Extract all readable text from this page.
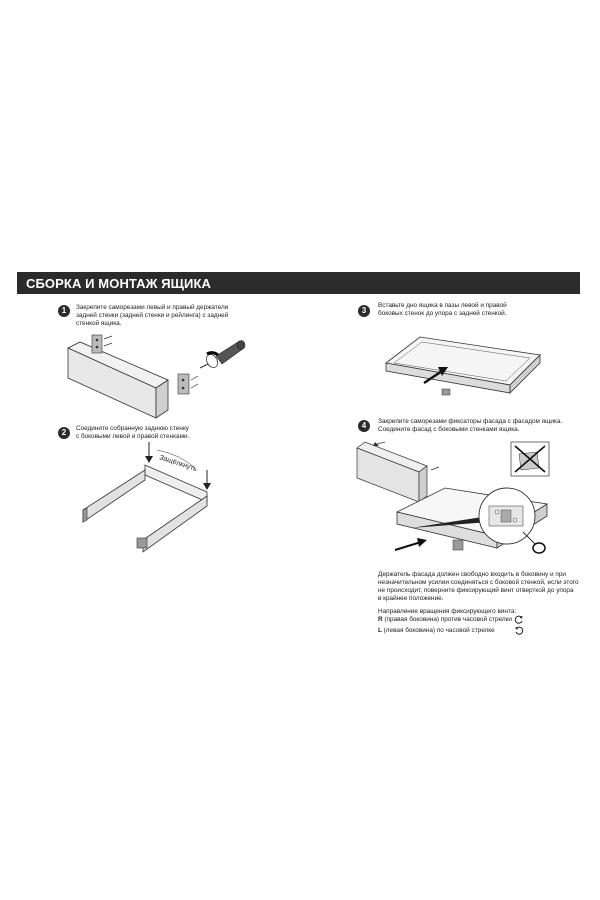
СБОРКА И МОНТАЖ ЯЩИКА
1	Закрепите саморезами левый и правый держатели
задней стенки (задней стенки и рейлинга) с задней
стенкой ящика.
2	Соедините собранную заднюю стенку
с боковыми левой и правой стенками.
Защёлкнуть
3
Вставьте дно ящика в пазы левой и правой
боковых стенок до упора с задней стенкой.
4	Закрепите саморезами фиксаторы фасада с фасадом ящика.
Соедините фасад с боковыми стенками ящика.
Держатель фасада должен свободно входить в боковину и при
незначительном усилии соединяться с боковой стенкой, если этого
не происходит, поверните фиксирующий винт отверткой до упора
в крайнее положение.
Направление вращения фиксирующего винта:
R (правая боковина) против часовой стрелки
L (левая боковина) по часовой стрелке
